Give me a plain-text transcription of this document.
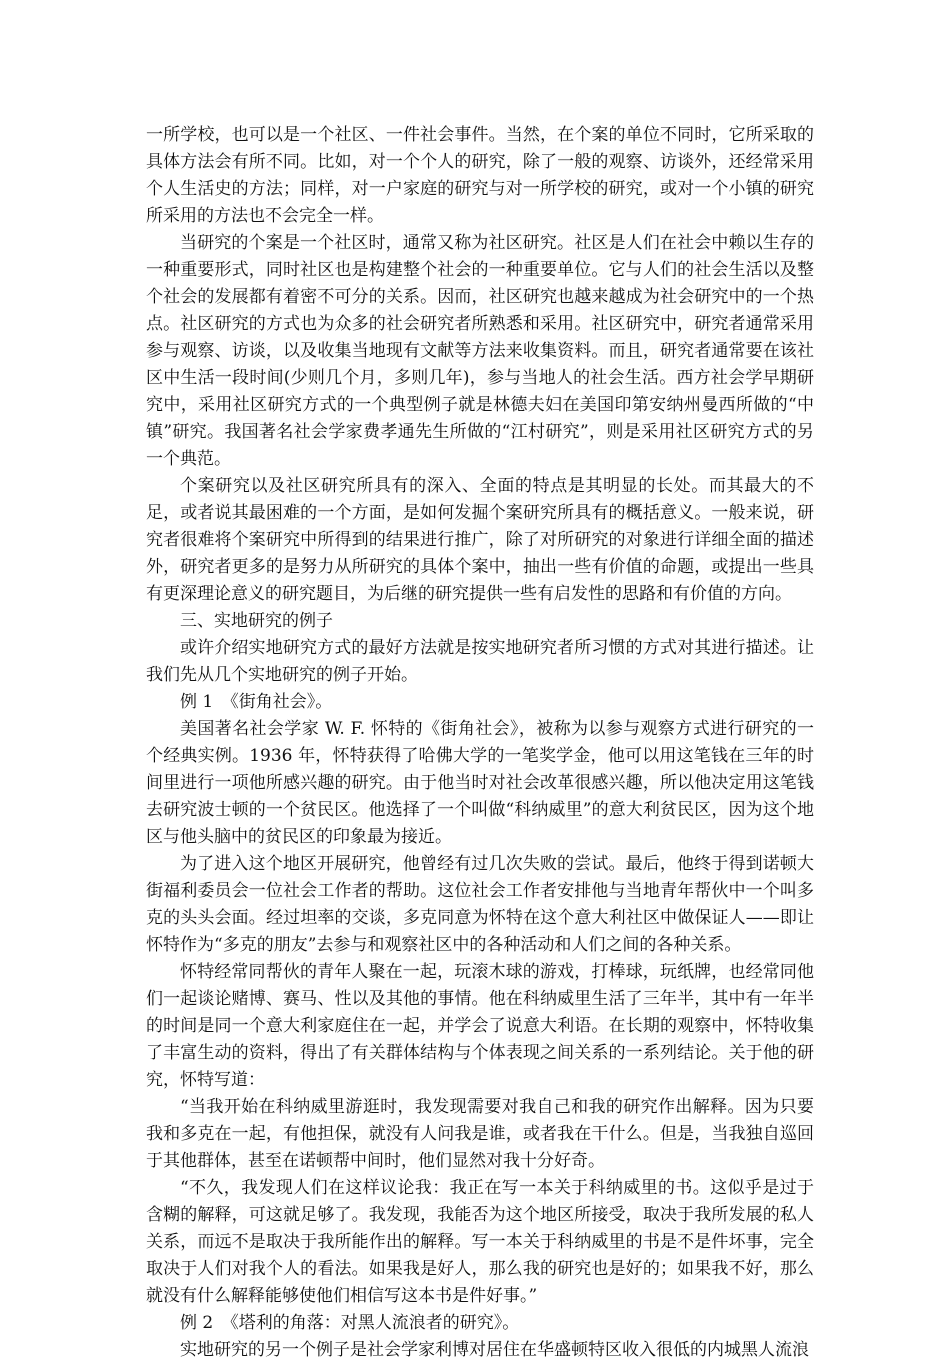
一所学校，也可以是一个社区、一件社会事件。当然，在个案的单位不同时，它所采取的具体方法会有所不同。比如，对一个个人的研究，除了一般的观察、访谈外，还经常采用个人生活史的方法；同样，对一户家庭的研究与对一所学校的研究，或对一个小镇的研究所采用的方法也不会完全一样。

当研究的个案是一个社区时，通常又称为社区研究。社区是人们在社会中赖以生存的一种重要形式，同时社区也是构建整个社会的一种重要单位。它与人们的社会生活以及整个社会的发展都有着密不可分的关系。因而，社区研究也越来越成为社会研究中的一个热点。社区研究的方式也为众多的社会研究者所熟悉和采用。社区研究中，研究者通常采用参与观察、访谈，以及收集当地现有文献等方法来收集资料。而且，研究者通常要在该社区中生活一段时间(少则几个月，多则几年)，参与当地人的社会生活。西方社会学早期研究中，采用社区研究方式的一个典型例子就是林德夫妇在美国印第安纳州曼西所做的“中镇”研究。我国著名社会学家费孝通先生所做的“江村研究”，则是采用社区研究方式的另一个典范。

个案研究以及社区研究所具有的深入、全面的特点是其明显的长处。而其最大的不足，或者说其最困难的一个方面，是如何发掘个案研究所具有的概括意义。一般来说，研究者很难将个案研究中所得到的结果进行推广，除了对所研究的对象进行详细全面的描述外，研究者更多的是努力从所研究的具体个案中，抽出一些有价值的命题，或提出一些具有更深理论意义的研究题目，为后继的研究提供一些有启发性的思路和有价值的方向。

三、实地研究的例子

或许介绍实地研究方式的最好方法就是按实地研究者所习惯的方式对其进行描述。让我们先从几个实地研究的例子开始。

例 1　《街角社会》。

美国著名社会学家 W. F. 怀特的《街角社会》，被称为以参与观察方式进行研究的一个经典实例。1936 年，怀特获得了哈佛大学的一笔奖学金，他可以用这笔钱在三年的时间里进行一项他所感兴趣的研究。由于他当时对社会改革很感兴趣，所以他决定用这笔钱去研究波士顿的一个贫民区。他选择了一个叫做“科纳威里”的意大利贫民区，因为这个地区与他头脑中的贫民区的印象最为接近。

为了进入这个地区开展研究，他曾经有过几次失败的尝试。最后，他终于得到诺顿大街福利委员会一位社会工作者的帮助。这位社会工作者安排他与当地青年帮伙中一个叫多克的头头会面。经过坦率的交谈，多克同意为怀特在这个意大利社区中做保证人——即让怀特作为“多克的朋友”去参与和观察社区中的各种活动和人们之间的各种关系。

怀特经常同帮伙的青年人聚在一起，玩滚木球的游戏，打棒球，玩纸牌，也经常同他们一起谈论赌博、赛马、性以及其他的事情。他在科纳威里生活了三年半，其中有一年半的时间是同一个意大利家庭住在一起，并学会了说意大利语。在长期的观察中，怀特收集了丰富生动的资料，得出了有关群体结构与个体表现之间关系的一系列结论。关于他的研究，怀特写道：

“当我开始在科纳威里游逛时，我发现需要对我自己和我的研究作出解释。因为只要我和多克在一起，有他担保，就没有人问我是谁，或者我在干什么。但是，当我独自巡回于其他群体，甚至在诺顿帮中间时，他们显然对我十分好奇。

“不久，我发现人们在这样议论我：我正在写一本关于科纳威里的书。这似乎是过于含糊的解释，可这就足够了。我发现，我能否为这个地区所接受，取决于我所发展的私人关系，而远不是取决于我所能作出的解释。写一本关于科纳威里的书是不是件坏事，完全取决于人们对我个人的看法。如果我是好人，那么我的研究也是好的；如果我不好，那么就没有什么解释能够使他们相信写这本书是件好事。”

例 2　《塔利的角落：对黑人流浪者的研究》。

实地研究的另一个例子是社会学家利博对居住在华盛顿特区收入很低的内城黑人流浪
